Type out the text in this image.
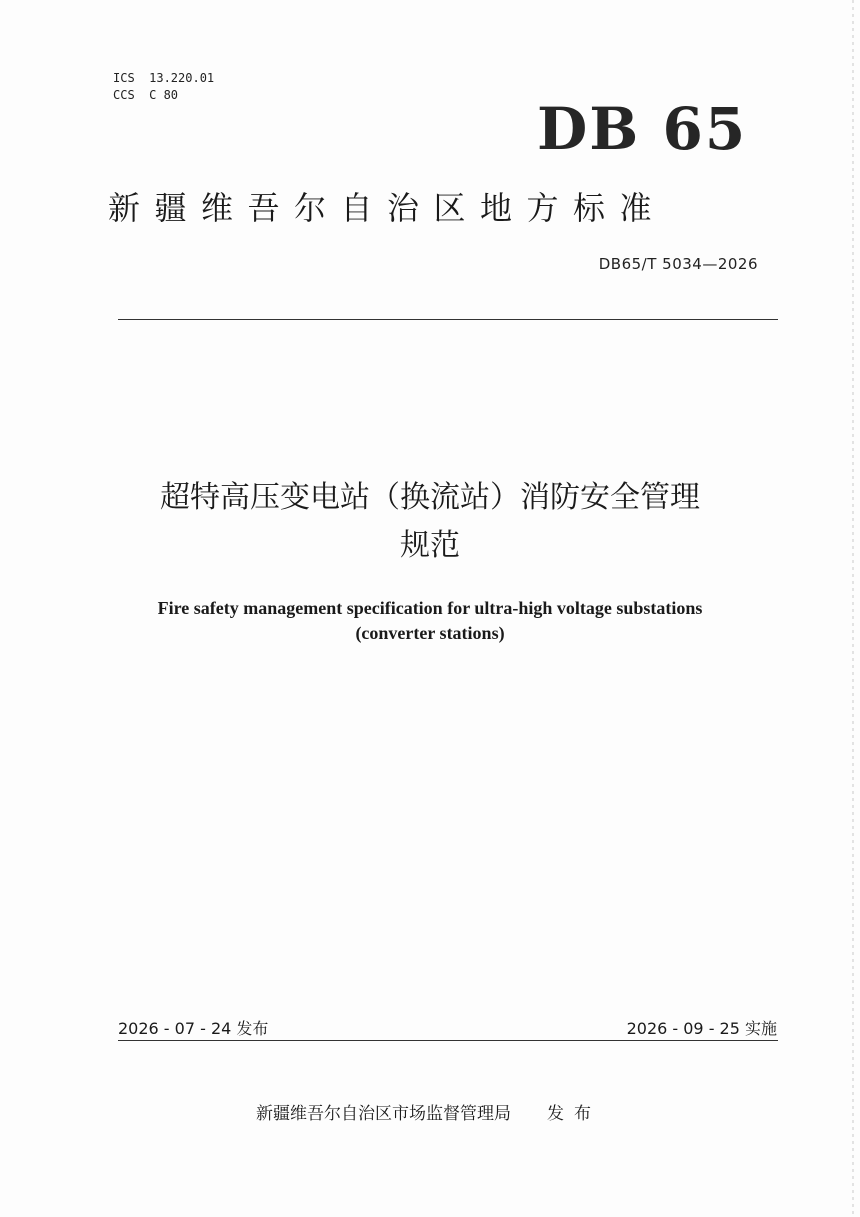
ICS  13.220.01
CCS  C 80	DB 65
新疆维吾尔自治区地方标准
DB65/T 5034—2026
超特高压变电站（换流站）消防安全管理
规范
Fire safety management specification for ultra-high voltage substations
(converter stations)
2026 - 07 - 24 发布	2026 - 09 - 25 实施
新疆维吾尔自治区市场监督管理局 发布
